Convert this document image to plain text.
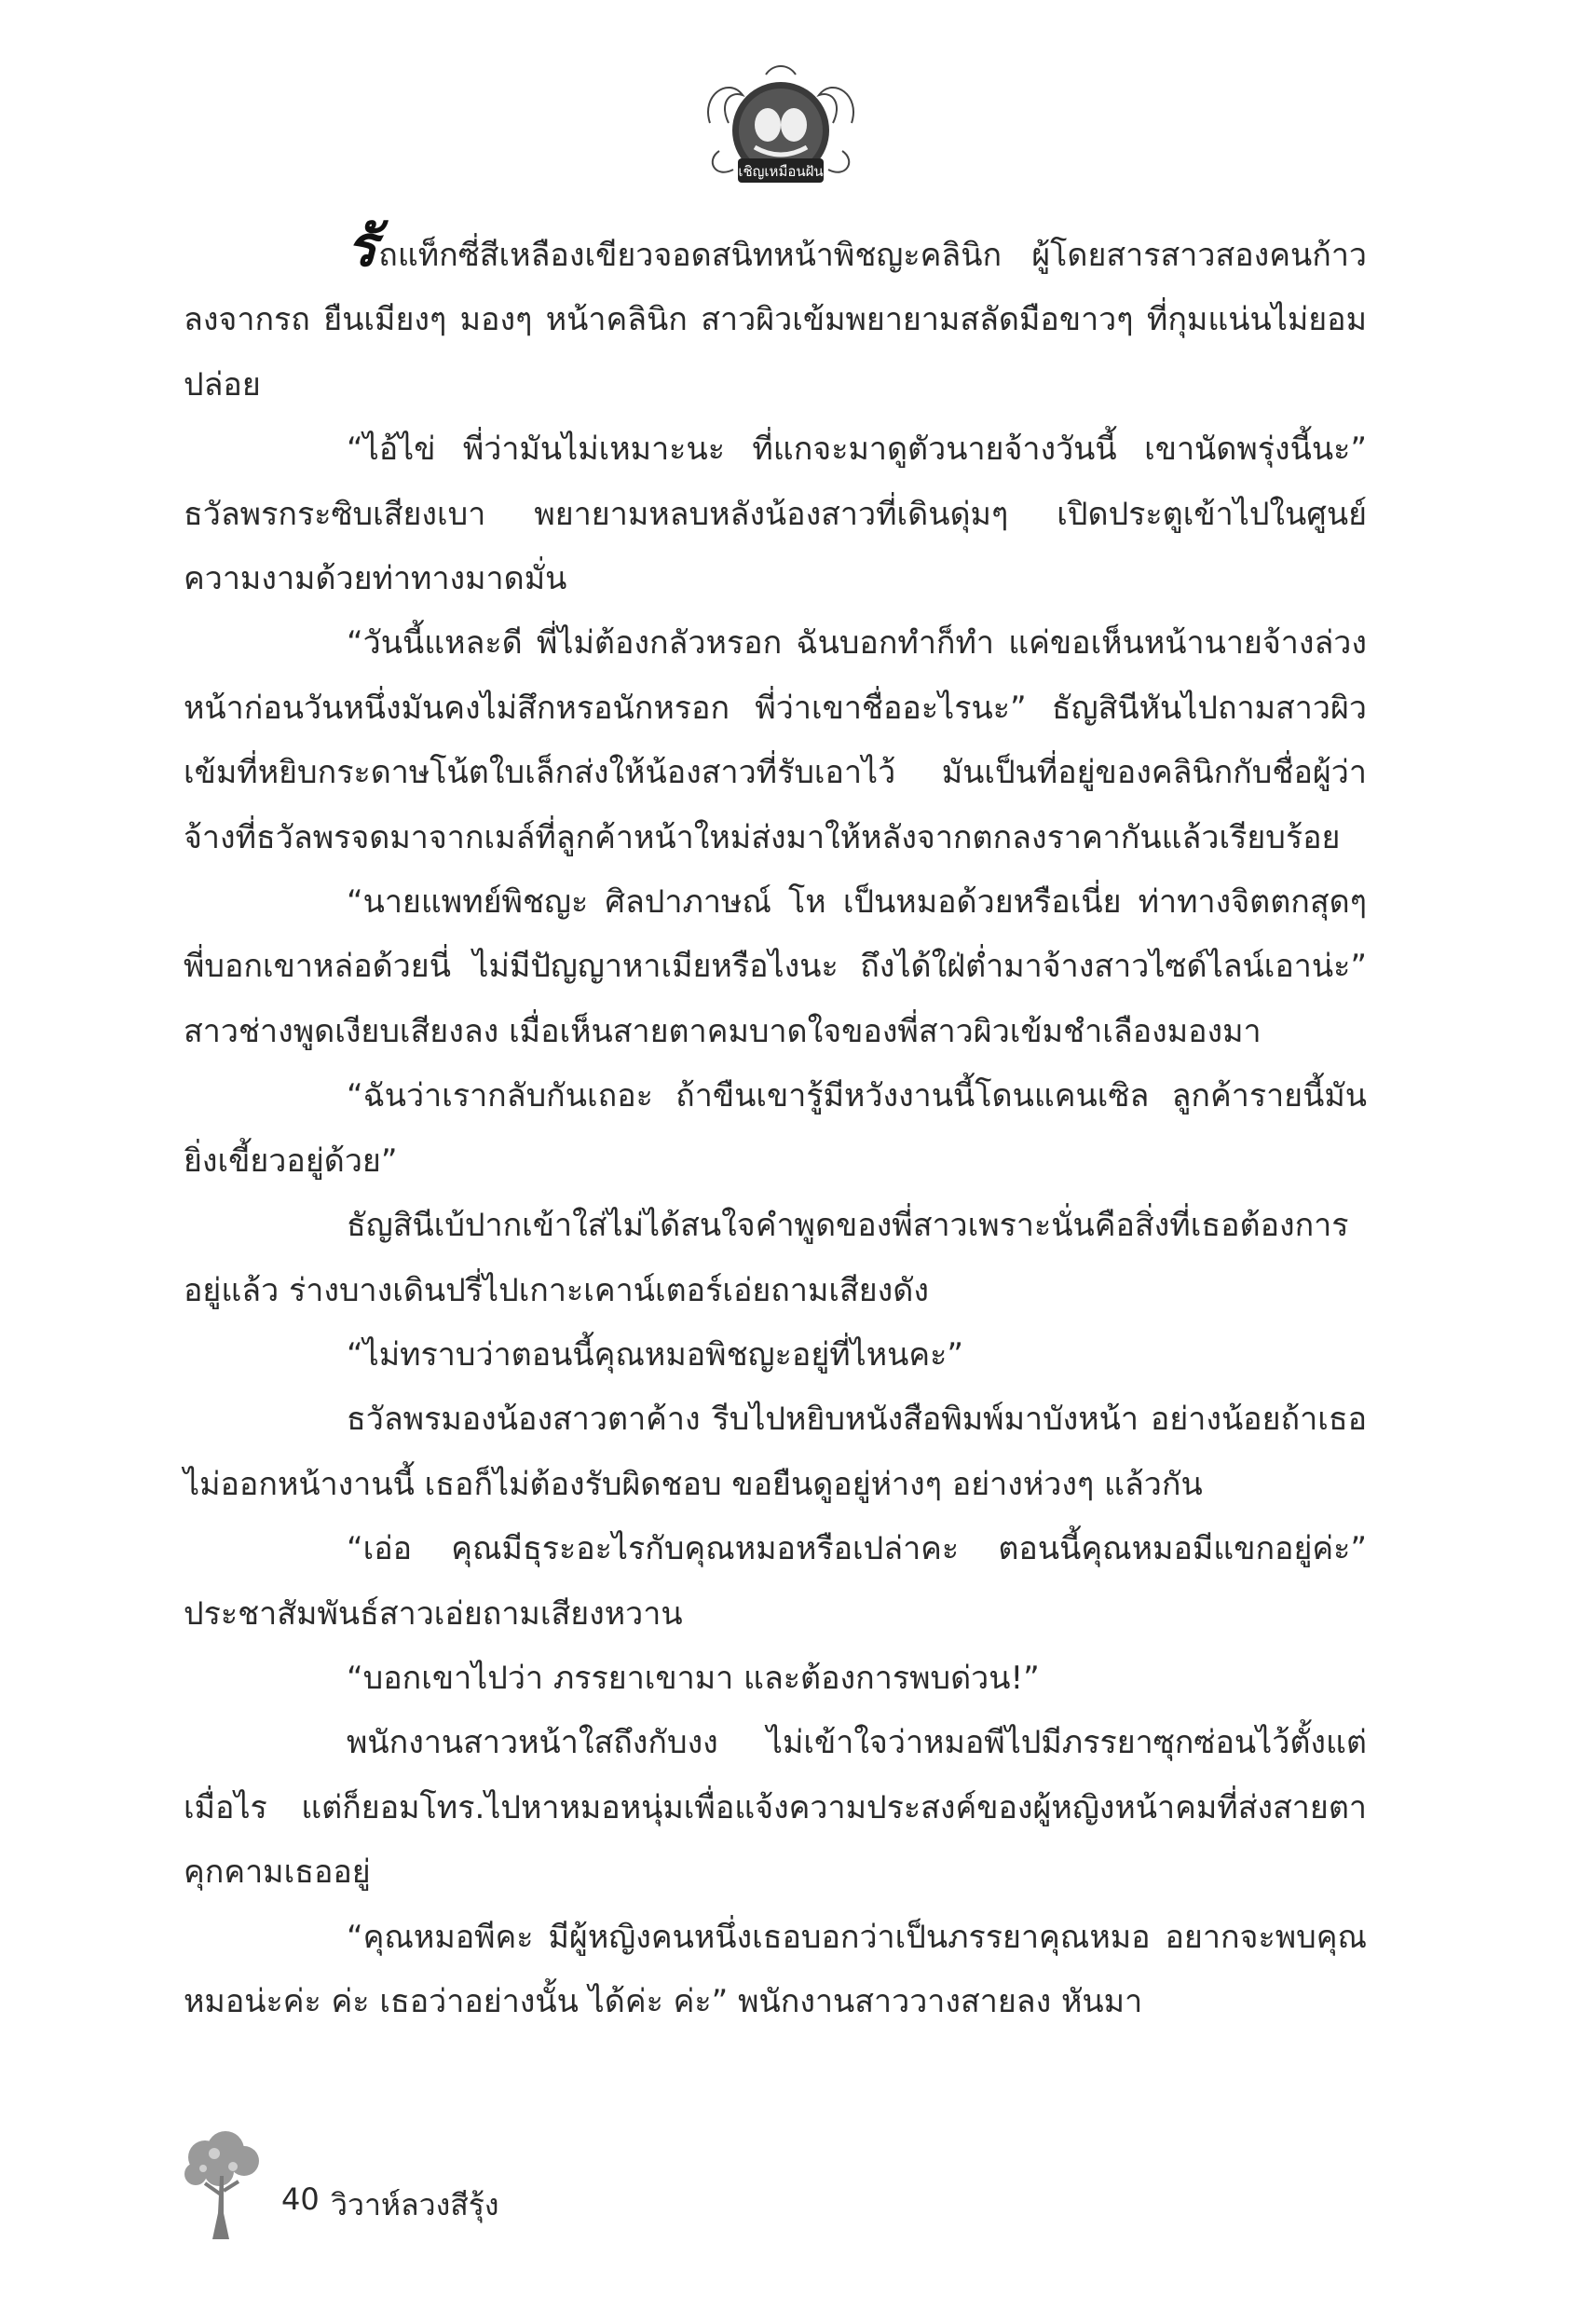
เชิญเหมือนฝัน

รัถแท็กซี่สีเหลืองเขียวจอดสนิทหน้าพิชญะคลินิก ผู้โดยสารสาวสองคนก้าวลงจากรถ ยืนเมียงๆ มองๆ หน้าคลินิก สาวผิวเข้มพยายามสลัดมือขาวๆ ที่กุมแน่นไม่ยอมปล่อย

“ไอ้ไข่ พี่ว่ามันไม่เหมาะนะ ที่แกจะมาดูตัวนายจ้างวันนี้ เขานัดพรุ่งนี้นะ” ธวัลพรกระซิบเสียงเบา พยายามหลบหลังน้องสาวที่เดินดุ่มๆ เปิดประตูเข้าไปในศูนย์ความงามด้วยท่าทางมาดมั่น

“วันนี้แหละดี พี่ไม่ต้องกลัวหรอก ฉันบอกทำก็ทำ แค่ขอเห็นหน้านายจ้างล่วงหน้าก่อนวันหนึ่งมันคงไม่สึกหรอนักหรอก พี่ว่าเขาชื่ออะไรนะ” ธัญสินีหันไปถามสาวผิวเข้มที่หยิบกระดาษโน้ตใบเล็กส่งให้น้องสาวที่รับเอาไว้ มันเป็นที่อยู่ของคลินิกกับชื่อผู้ว่าจ้างที่ธวัลพรจดมาจากเมล์ที่ลูกค้าหน้าใหม่ส่งมาให้หลังจากตกลงราคากันแล้วเรียบร้อย

“นายแพทย์พิชญะ ศิลปาภาษณ์ โห เป็นหมอด้วยหรือเนี่ย ท่าทางจิตตกสุดๆ พี่บอกเขาหล่อด้วยนี่ ไม่มีปัญญาหาเมียหรือไงนะ ถึงได้ใฝ่ต่ำมาจ้างสาวไซด์ไลน์เอาน่ะ” สาวช่างพูดเงียบเสียงลง เมื่อเห็นสายตาคมบาดใจของพี่สาวผิวเข้มชำเลืองมองมา

“ฉันว่าเรากลับกันเถอะ ถ้าขืนเขารู้มีหวังงานนี้โดนแคนเซิล ลูกค้ารายนี้มันยิ่งเขี้ยวอยู่ด้วย”

ธัญสินีเบ้ปากเข้าใส่ไม่ได้สนใจคำพูดของพี่สาวเพราะนั่นคือสิ่งที่เธอต้องการอยู่แล้ว ร่างบางเดินปรี่ไปเกาะเคาน์เตอร์เอ่ยถามเสียงดัง

“ไม่ทราบว่าตอนนี้คุณหมอพิชญะอยู่ที่ไหนคะ”

ธวัลพรมองน้องสาวตาค้าง รีบไปหยิบหนังสือพิมพ์มาบังหน้า อย่างน้อยถ้าเธอไม่ออกหน้างานนี้ เธอก็ไม่ต้องรับผิดชอบ ขอยืนดูอยู่ห่างๆ อย่างห่วงๆ แล้วกัน

“เอ่อ คุณมีธุระอะไรกับคุณหมอหรือเปล่าคะ ตอนนี้คุณหมอมีแขกอยู่ค่ะ” ประชาสัมพันธ์สาวเอ่ยถามเสียงหวาน

“บอกเขาไปว่า ภรรยาเขามา และต้องการพบด่วน!”

พนักงานสาวหน้าใสถึงกับงง ไม่เข้าใจว่าหมอพีไปมีภรรยาซุกซ่อนไว้ตั้งแต่เมื่อไร แต่ก็ยอมโทร.ไปหาหมอหนุ่มเพื่อแจ้งความประสงค์ของผู้หญิงหน้าคมที่ส่งสายตาคุกคามเธออยู่

“คุณหมอพีคะ มีผู้หญิงคนหนึ่งเธอบอกว่าเป็นภรรยาคุณหมอ อยากจะพบคุณหมอน่ะค่ะ ค่ะ เธอว่าอย่างนั้น ได้ค่ะ ค่ะ” พนักงานสาววางสายลง หันมา

40 วิวาห์ลวงสีรุ้ง
